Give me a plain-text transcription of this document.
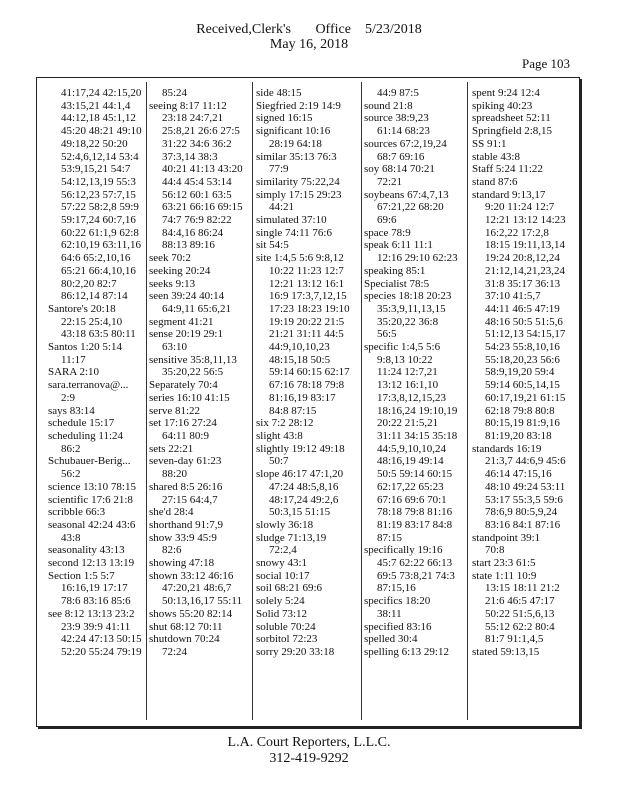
Received,Clerk's       Office    5/23/2018
May 16, 2018
Page 103
41:17,24 42:15,20
43:15,21 44:1,4
44:12,18 45:1,12
45:20 48:21 49:10
49:18,22 50:20
52:4,6,12,14 53:4
53:9,15,21 54:7
54:12,13,19 55:3
56:12,23 57:7,15
57:22 58:2,8 59:9
59:17,24 60:7,16
60:22 61:1,9 62:8
62:10,19 63:11,16
64:6 65:2,10,16
65:21 66:4,10,16
80:2,20 82:7
86:12,14 87:14
Santore's 20:18
22:15 25:4,10
43:18 63:5 80:11
Santos 1:20 5:14
11:17
SARA 2:10
sara.terranova@...
2:9
says 83:14
schedule 15:17
scheduling 11:24
86:2
Schubauer-Berig...
56:2
science 13:10 78:15
scientific 17:6 21:8
scribble 66:3
seasonal 42:24 43:6
43:8
seasonality 43:13
second 12:13 13:19
Section 1:5 5:7
16:16,19 17:17
78:6 83:16 85:6
see 8:12 13:13 23:2
23:9 39:9 41:11
42:24 47:13 50:15
52:20 55:24 79:19
85:24
seeing 8:17 11:12
23:18 24:7,21
25:8,21 26:6 27:5
31:22 34:6 36:2
37:3,14 38:3
40:21 41:13 43:20
44:4 45:4 53:14
56:12 60:1 63:5
63:21 66:16 69:15
74:7 76:9 82:22
84:4,16 86:24
88:13 89:16
seek 70:2
seeking 20:24
seeks 9:13
seen 39:24 40:14
64:9,11 65:6,21
segment 41:21
sense 20:19 29:1
63:10
sensitive 35:8,11,13
35:20,22 56:5
Separately 70:4
series 16:10 41:15
serve 81:22
set 17:16 27:24
64:11 80:9
sets 22:21
seven-day 61:23
88:20
shared 8:5 26:16
27:15 64:4,7
she'd 28:4
shorthand 91:7,9
show 33:9 45:9
82:6
showing 47:18
shown 33:12 46:16
47:20,21 48:6,7
50:13,16,17 55:11
shows 55:20 82:14
shut 68:12 70:11
shutdown 70:24
72:24
side 48:15
Siegfried 2:19 14:9
signed 16:15
significant 10:16
28:19 64:18
similar 35:13 76:3
77:9
similarity 75:22,24
simply 17:15 29:23
44:21
simulated 37:10
single 74:11 76:6
sit 54:5
site 1:4,5 5:6 9:8,12
10:22 11:23 12:7
12:21 13:12 16:1
16:9 17:3,7,12,15
17:23 18:23 19:10
19:19 20:22 21:5
21:21 31:11 44:5
44:9,10,10,23
48:15,18 50:5
59:14 60:15 62:17
67:16 78:18 79:8
81:16,19 83:17
84:8 87:15
six 7:2 28:12
slight 43:8
slightly 19:12 49:18
50:7
slope 46:17 47:1,20
47:24 48:5,8,16
48:17,24 49:2,6
50:3,15 51:15
slowly 36:18
sludge 71:13,19
72:2,4
snowy 43:1
social 10:17
soil 68:21 69:6
solely 5:24
Solid 73:12
soluble 70:24
sorbitol 72:23
sorry 29:20 33:18
44:9 87:5
sound 21:8
source 38:9,23
61:14 68:23
sources 67:2,19,24
68:7 69:16
soy 68:14 70:21
72:21
soybeans 67:4,7,13
67:21,22 68:20
69:6
space 78:9
speak 6:11 11:1
12:16 29:10 62:23
speaking 85:1
Specialist 78:5
species 18:18 20:23
35:3,9,11,13,15
35:20,22 36:8
56:5
specific 1:4,5 5:6
9:8,13 10:22
11:24 12:7,21
13:12 16:1,10
17:3,8,12,15,23
18:16,24 19:10,19
20:22 21:5,21
31:11 34:15 35:18
44:5,9,10,10,24
48:16,19 49:14
50:5 59:14 60:15
62:17,22 65:23
67:16 69:6 70:1
78:18 79:8 81:16
81:19 83:17 84:8
87:15
specifically 19:16
45:7 62:22 66:13
69:5 73:8,21 74:3
87:15,16
specifics 18:20
38:11
specified 83:16
spelled 30:4
spelling 6:13 29:12
spent 9:24 12:4
spiking 40:23
spreadsheet 52:11
Springfield 2:8,15
SS 91:1
stable 43:8
Staff 5:24 11:22
stand 87:6
standard 9:13,17
9:20 11:24 12:7
12:21 13:12 14:23
16:2,22 17:2,8
18:15 19:11,13,14
19:24 20:8,12,24
21:12,14,21,23,24
31:8 35:17 36:13
37:10 41:5,7
44:11 46:5 47:19
48:16 50:5 51:5,6
51:12,13 54:15,17
54:23 55:8,10,16
55:18,20,23 56:6
58:9,19,20 59:4
59:14 60:5,14,15
60:17,19,21 61:15
62:18 79:8 80:8
80:15,19 81:9,16
81:19,20 83:18
standards 16:19
21:3,7 44:6,9 45:6
46:14 47:15,16
48:10 49:24 53:11
53:17 55:3,5 59:6
78:6,9 80:5,9,24
83:16 84:1 87:16
standpoint 39:1
70:8
start 23:3 61:5
state 1:11 10:9
13:15 18:11 21:2
21:6 46:5 47:17
50:22 51:5,6,13
55:12 62:2 80:4
81:7 91:1,4,5
stated 59:13,15
L.A. Court Reporters, L.L.C.
312-419-9292
